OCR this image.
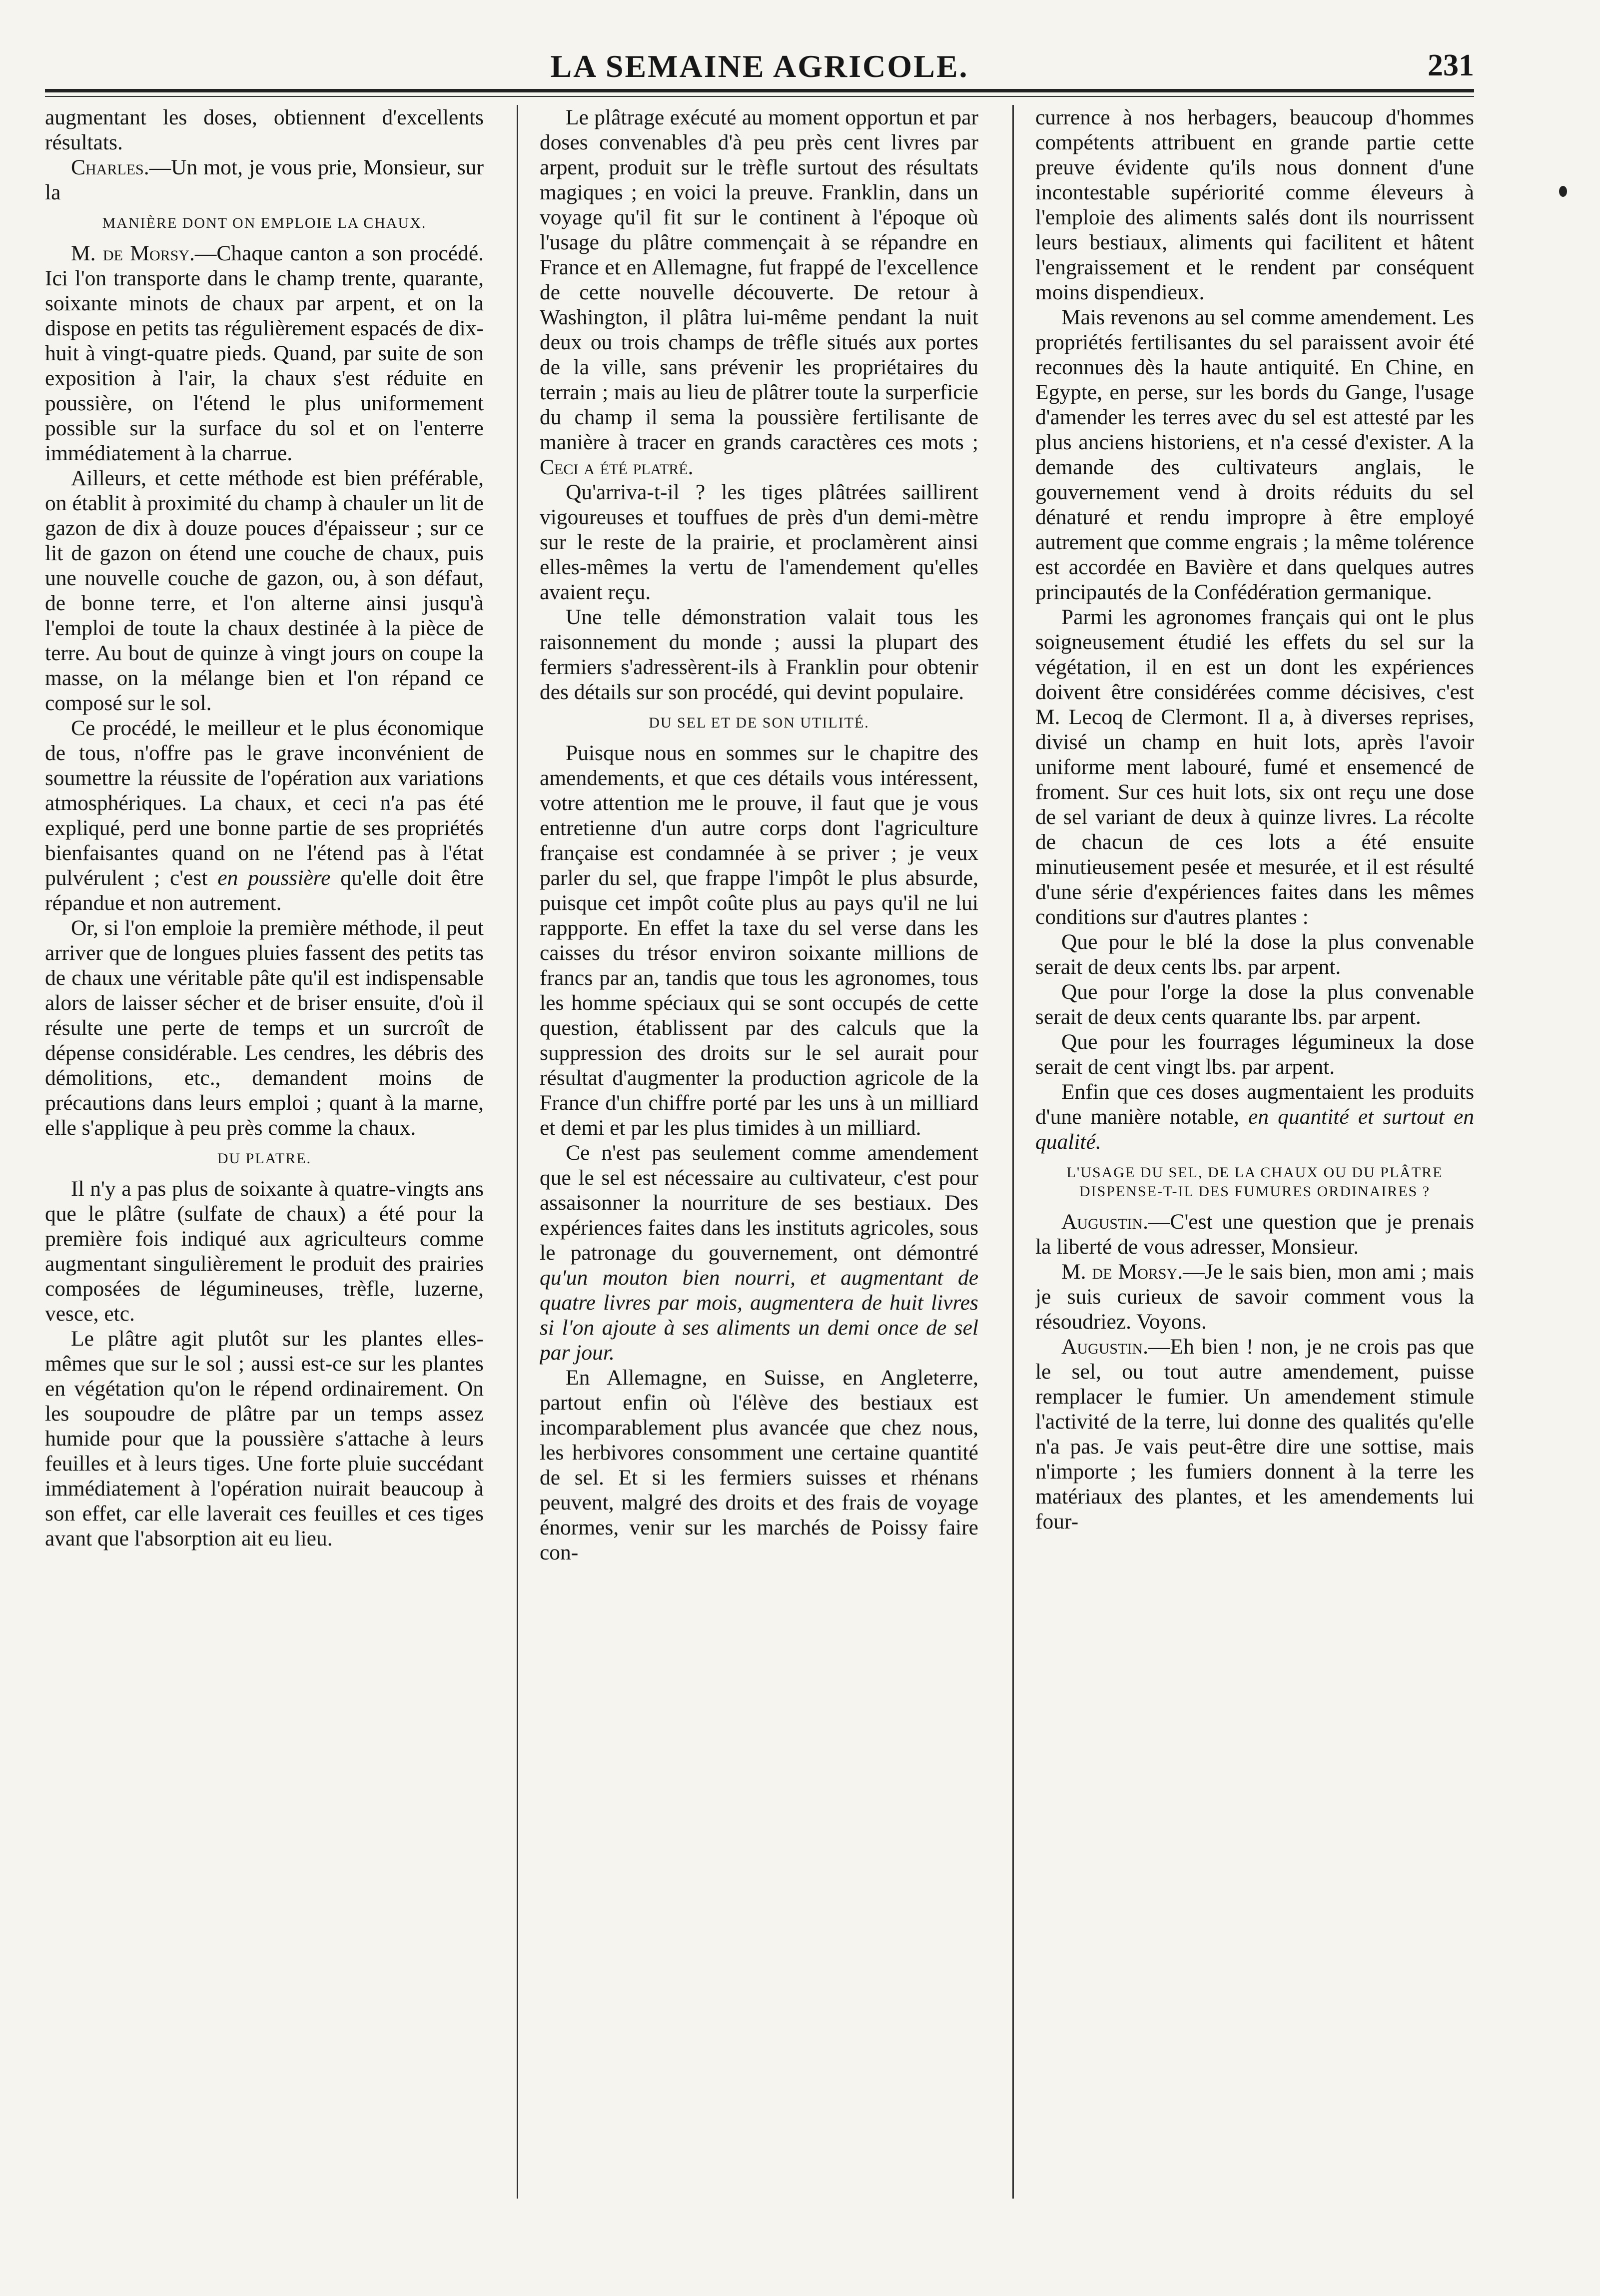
LA SEMAINE AGRICOLE.	231

augmentant les doses, obtiennent d'excellents résultats.

Charles.—Un mot, je vous prie, Monsieur, sur la

MANIÈRE DONT ON EMPLOIE LA CHAUX.

M. de Morsy.—Chaque canton a son procédé. Ici l'on transporte dans le champ trente, quarante, soixante minots de chaux par arpent, et on la dispose en petits tas régulièrement espacés de dix-huit à vingt-quatre pieds. Quand, par suite de son exposition à l'air, la chaux s'est réduite en poussière, on l'étend le plus uniformement possible sur la surface du sol et on l'enterre immédiatement à la charrue.

Ailleurs, et cette méthode est bien préférable, on établit à proximité du champ à chauler un lit de gazon de dix à douze pouces d'épaisseur ; sur ce lit de gazon on étend une couche de chaux, puis une nouvelle couche de gazon, ou, à son défaut, de bonne terre, et l'on alterne ainsi jusqu'à l'emploi de toute la chaux destinée à la pièce de terre. Au bout de quinze à vingt jours on coupe la masse, on la mélange bien et l'on répand ce composé sur le sol.

Ce procédé, le meilleur et le plus économique de tous, n'offre pas le grave inconvénient de soumettre la réussite de l'opération aux variations atmosphériques. La chaux, et ceci n'a pas été expliqué, perd une bonne partie de ses propriétés bienfaisantes quand on ne l'étend pas à l'état pulvérulent ; c'est en poussière qu'elle doit être répandue et non autrement.

Or, si l'on emploie la première méthode, il peut arriver que de longues pluies fassent des petits tas de chaux une véritable pâte qu'il est indispensable alors de laisser sécher et de briser ensuite, d'où il résulte une perte de temps et un surcroît de dépense considérable. Les cendres, les débris des démolitions, etc., demandent moins de précautions dans leurs emploi ; quant à la marne, elle s'applique à peu près comme la chaux.

DU PLATRE.

Il n'y a pas plus de soixante à quatre-vingts ans que le plâtre (sulfate de chaux) a été pour la première fois indiqué aux agriculteurs comme augmentant singulièrement le produit des prairies composées de légumineuses, trèfle, luzerne, vesce, etc.

Le plâtre agit plutôt sur les plantes elles-mêmes que sur le sol ; aussi est-ce sur les plantes en végétation qu'on le répend ordinairement. On les soupoudre de plâtre par un temps assez humide pour que la poussière s'attache à leurs feuilles et à leurs tiges. Une forte pluie succédant immédiatement à l'opération nuirait beaucoup à son effet, car elle laverait ces feuilles et ces tiges avant que l'absorption ait eu lieu.

Le plâtrage exécuté au moment opportun et par doses convenables d'à peu près cent livres par arpent, produit sur le trèfle surtout des résultats magiques ; en voici la preuve. Franklin, dans un voyage qu'il fit sur le continent à l'époque où l'usage du plâtre commençait à se répandre en France et en Allemagne, fut frappé de l'excellence de cette nouvelle découverte. De retour à Washington, il plâtra lui-même pendant la nuit deux ou trois champs de trêfle situés aux portes de la ville, sans prévenir les propriétaires du terrain ; mais au lieu de plâtrer toute la surperficie du champ il sema la poussière fertilisante de manière à tracer en grands caractères ces mots ; Ceci a été platré.

Qu'arriva-t-il ? les tiges plâtrées saillirent vigoureuses et touffues de près d'un demi-mètre sur le reste de la prairie, et proclamèrent ainsi elles-mêmes la vertu de l'amendement qu'elles avaient reçu.

Une telle démonstration valait tous les raisonnement du monde ; aussi la plupart des fermiers s'adressèrent-ils à Franklin pour obtenir des détails sur son procédé, qui devint populaire.

DU SEL ET DE SON UTILITÉ.

Puisque nous en sommes sur le chapitre des amendements, et que ces détails vous intéressent, votre attention me le prouve, il faut que je vous entretienne d'un autre corps dont l'agriculture française est condamnée à se priver ; je veux parler du sel, que frappe l'impôt le plus absurde, puisque cet impôt coûte plus au pays qu'il ne lui rappporte. En effet la taxe du sel verse dans les caisses du trésor environ soixante millions de francs par an, tandis que tous les agronomes, tous les homme spéciaux qui se sont occupés de cette question, établissent par des calculs que la suppression des droits sur le sel aurait pour résultat d'augmenter la production agricole de la France d'un chiffre porté par les uns à un milliard et demi et par les plus timides à un milliard.

Ce n'est pas seulement comme amendement que le sel est nécessaire au cultivateur, c'est pour assaisonner la nourriture de ses bestiaux. Des expériences faites dans les instituts agricoles, sous le patronage du gouvernement, ont démontré qu'un mouton bien nourri, et augmentant de quatre livres par mois, augmentera de huit livres si l'on ajoute à ses aliments un demi once de sel par jour.

En Allemagne, en Suisse, en Angleterre, partout enfin où l'élève des bestiaux est incomparablement plus avancée que chez nous, les herbivores consomment une certaine quantité de sel. Et si les fermiers suisses et rhénans peuvent, malgré des droits et des frais de voyage énormes, venir sur les marchés de Poissy faire con-

currence à nos herbagers, beaucoup d'hommes compétents attribuent en grande partie cette preuve évidente qu'ils nous donnent d'une incontestable supériorité comme éleveurs à l'emploie des aliments salés dont ils nourrissent leurs bestiaux, aliments qui facilitent et hâtent l'engraissement et le rendent par conséquent moins dispendieux.

Mais revenons au sel comme amendement. Les propriétés fertilisantes du sel paraissent avoir été reconnues dès la haute antiquité. En Chine, en Egypte, en perse, sur les bords du Gange, l'usage d'amender les terres avec du sel est attesté par les plus anciens historiens, et n'a cessé d'exister. A la demande des cultivateurs anglais, le gouvernement vend à droits réduits du sel dénaturé et rendu impropre à être employé autrement que comme engrais ; la même tolérence est accordée en Bavière et dans quelques autres principautés de la Confédération germanique.

Parmi les agronomes français qui ont le plus soigneusement étudié les effets du sel sur la végétation, il en est un dont les expériences doivent être considérées comme décisives, c'est M. Lecoq de Clermont. Il a, à diverses reprises, divisé un champ en huit lots, après l'avoir uniforme ment labouré, fumé et ensemencé de froment. Sur ces huit lots, six ont reçu une dose de sel variant de deux à quinze livres. La récolte de chacun de ces lots a été ensuite minutieusement pesée et mesurée, et il est résulté d'une série d'expériences faites dans les mêmes conditions sur d'autres plantes :

Que pour le blé la dose la plus convenable serait de deux cents lbs. par arpent.

Que pour l'orge la dose la plus convenable serait de deux cents quarante lbs. par arpent.

Que pour les fourrages légumineux la dose serait de cent vingt lbs. par arpent.

Enfin que ces doses augmentaient les produits d'une manière notable, en quantité et surtout en qualité.

L'USAGE DU SEL, DE LA CHAUX OU DU PLÂTRE DISPENSE-T-IL DES FUMURES ORDINAIRES ?

Augustin.—C'est une question que je prenais la liberté de vous adresser, Monsieur.

M. de Morsy.—Je le sais bien, mon ami ; mais je suis curieux de savoir comment vous la résoudriez. Voyons.

Augustin.—Eh bien ! non, je ne crois pas que le sel, ou tout autre amendement, puisse remplacer le fumier. Un amendement stimule l'activité de la terre, lui donne des qualités qu'elle n'a pas. Je vais peut-être dire une sottise, mais n'importe ; les fumiers donnent à la terre les matériaux des plantes, et les amendements lui four-
